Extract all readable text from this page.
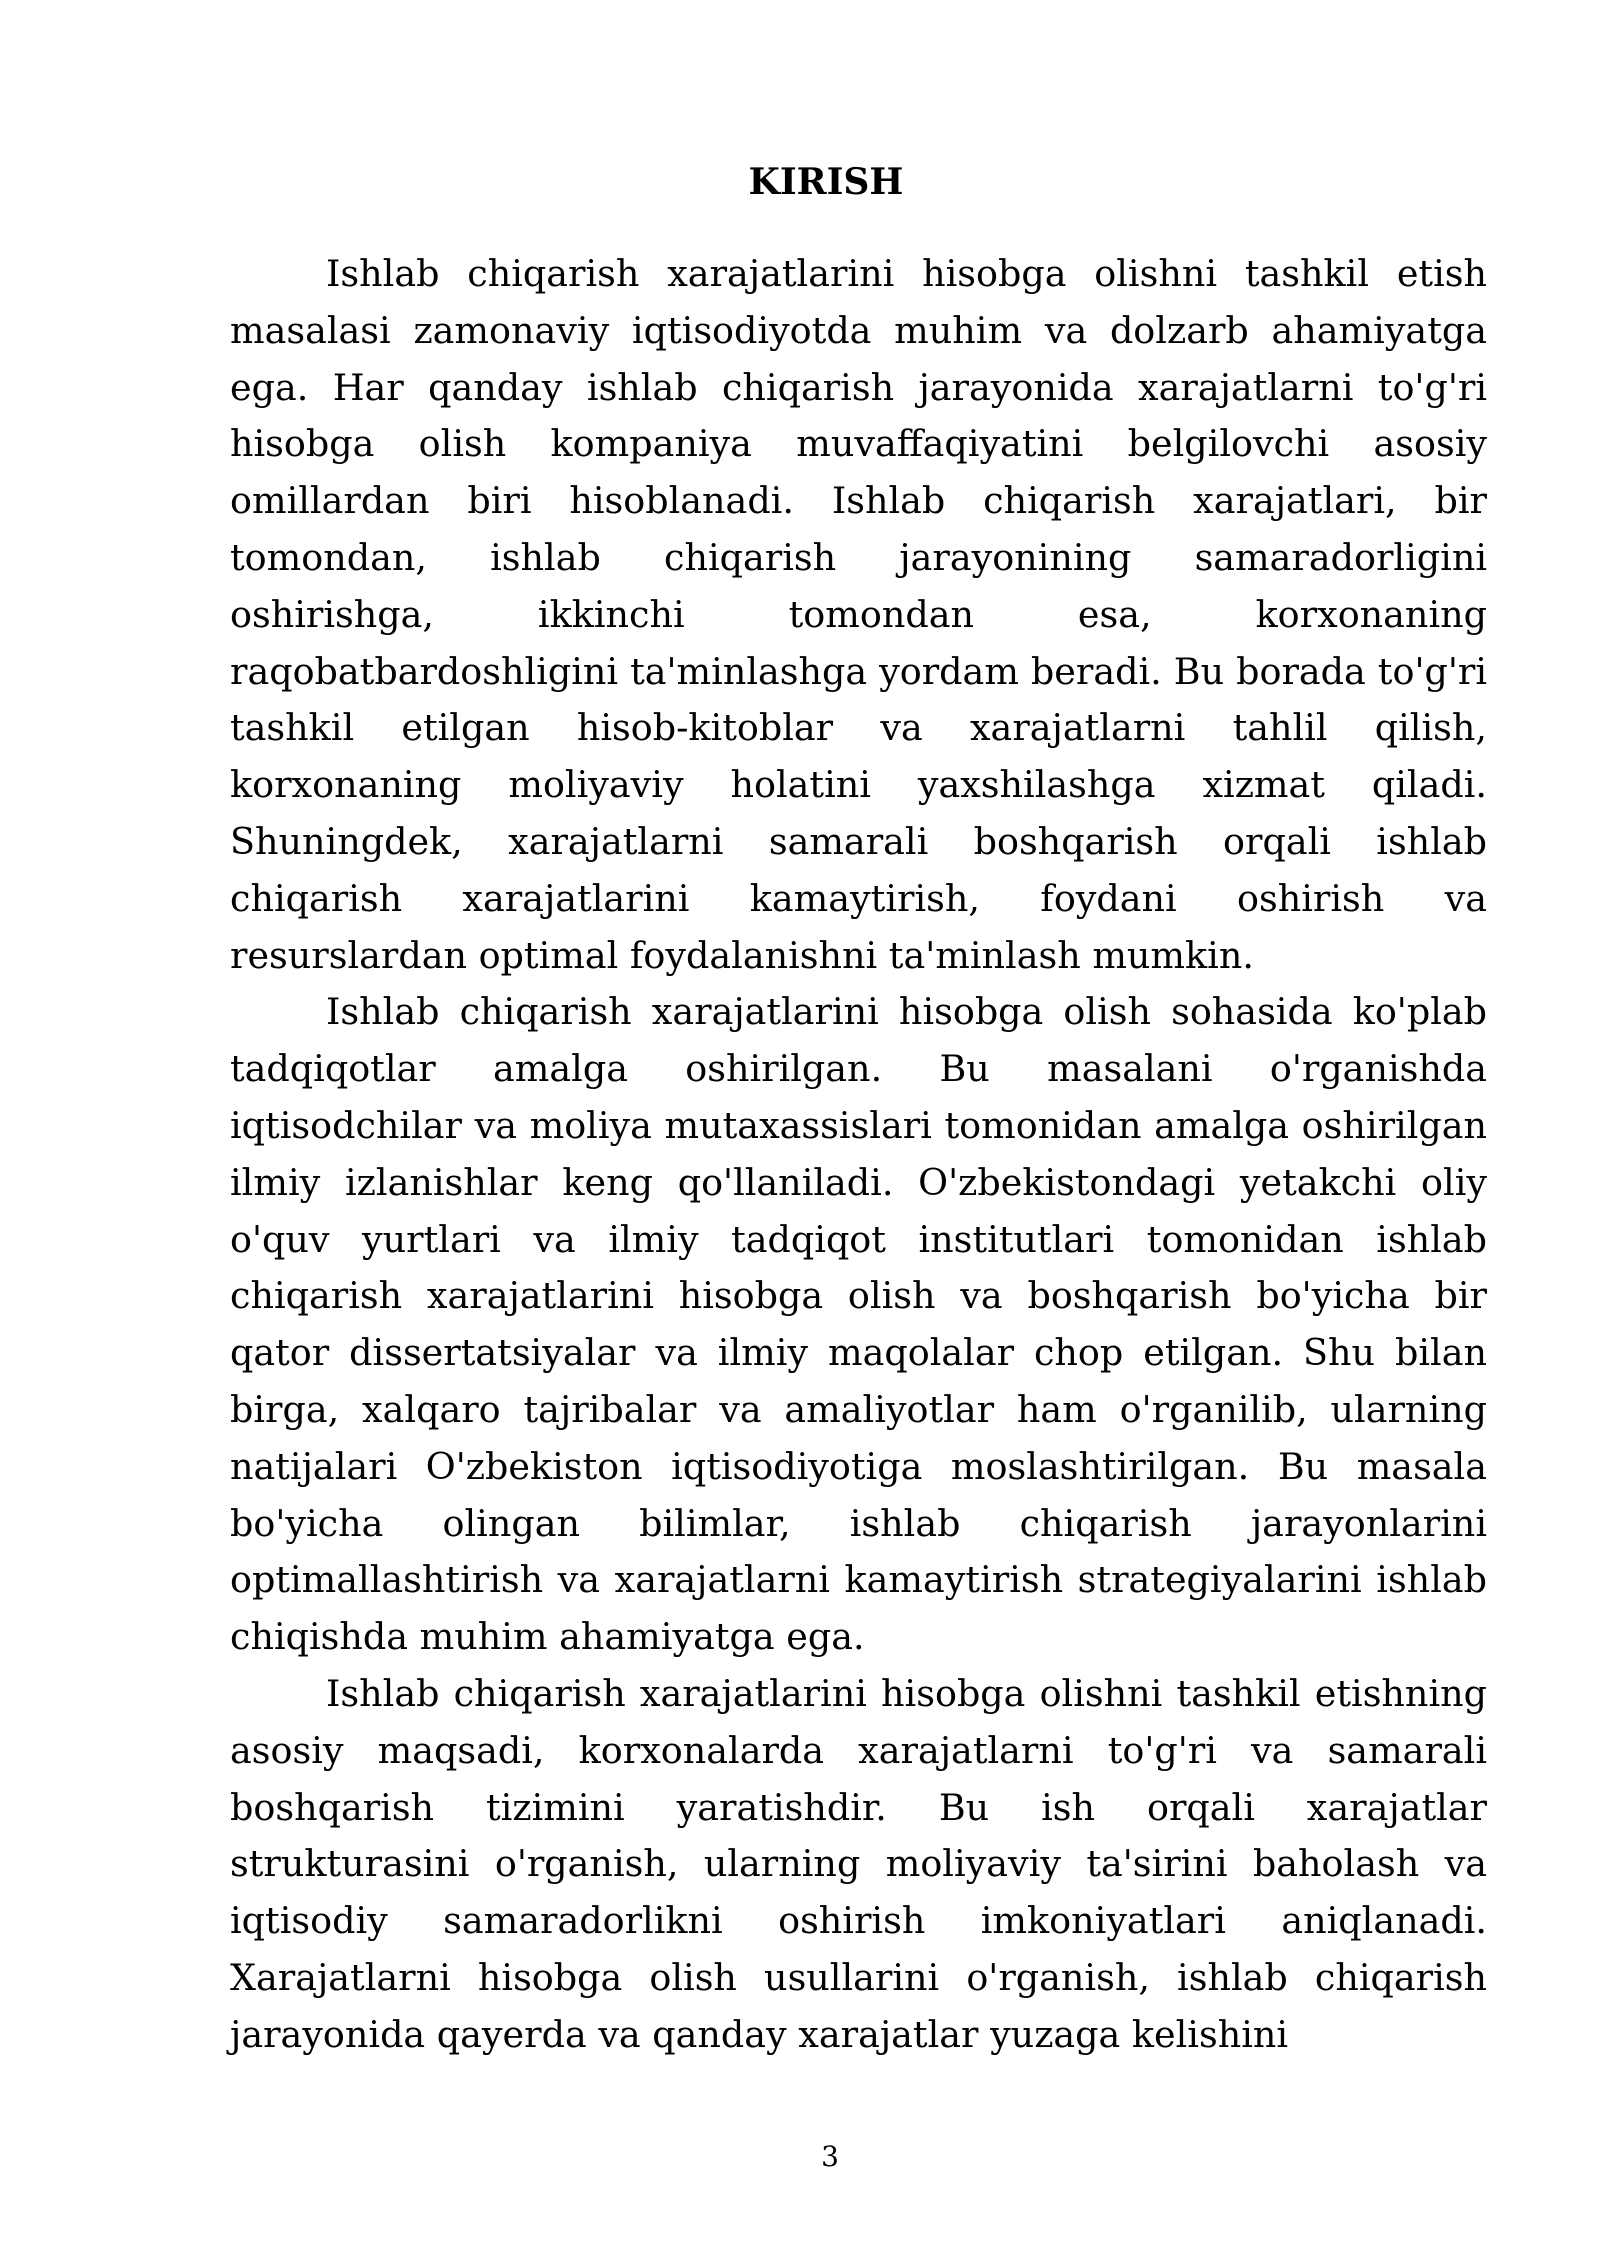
KIRISH

Ishlab chiqarish xarajatlarini hisobga olishni tashkil etish masalasi zamonaviy iqtisodiyotda muhim va dolzarb ahamiyatga ega. Har qanday ishlab chiqarish jarayonida xarajatlarni to'g'ri hisobga olish kompaniya muvaffaqiyatini belgilovchi asosiy omillardan biri hisoblanadi. Ishlab chiqarish xarajatlari, bir tomondan, ishlab chiqarish jarayonining samaradorligini oshirishga, ikkinchi tomondan esa, korxonaning raqobatbardoshligini ta'minlashga yordam beradi. Bu borada to'g'ri tashkil etilgan hisob-kitoblar va xarajatlarni tahlil qilish, korxonaning moliyaviy holatini yaxshilashga xizmat qiladi. Shuningdek, xarajatlarni samarali boshqarish orqali ishlab chiqarish xarajatlarini kamaytirish, foydani oshirish va resurslardan optimal foydalanishni ta'minlash mumkin.

Ishlab chiqarish xarajatlarini hisobga olish sohasida ko'plab tadqiqotlar amalga oshirilgan. Bu masalani o'rganishda iqtisodchilar va moliya mutaxassislari tomonidan amalga oshirilgan ilmiy izlanishlar keng qo'llaniladi. O'zbekistondagi yetakchi oliy o'quv yurtlari va ilmiy tadqiqot institutlari tomonidan ishlab chiqarish xarajatlarini hisobga olish va boshqarish bo'yicha bir qator dissertatsiyalar va ilmiy maqolalar chop etilgan. Shu bilan birga, xalqaro tajribalar va amaliyotlar ham o'rganilib, ularning natijalari O'zbekiston iqtisodiyotiga moslashtirilgan. Bu masala bo'yicha olingan bilimlar, ishlab chiqarish jarayonlarini optimallashtirish va xarajatlarni kamaytirish strategiyalarini ishlab chiqishda muhim ahamiyatga ega.

Ishlab chiqarish xarajatlarini hisobga olishni tashkil etishning asosiy maqsadi, korxonalarda xarajatlarni to'g'ri va samarali boshqarish tizimini yaratishdir. Bu ish orqali xarajatlar strukturasini o'rganish, ularning moliyaviy ta'sirini baholash va iqtisodiy samaradorlikni oshirish imkoniyatlari aniqlanadi. Xarajatlarni hisobga olish usullarini o'rganish, ishlab chiqarish jarayonida qayerda va qanday xarajatlar yuzaga kelishini

3
